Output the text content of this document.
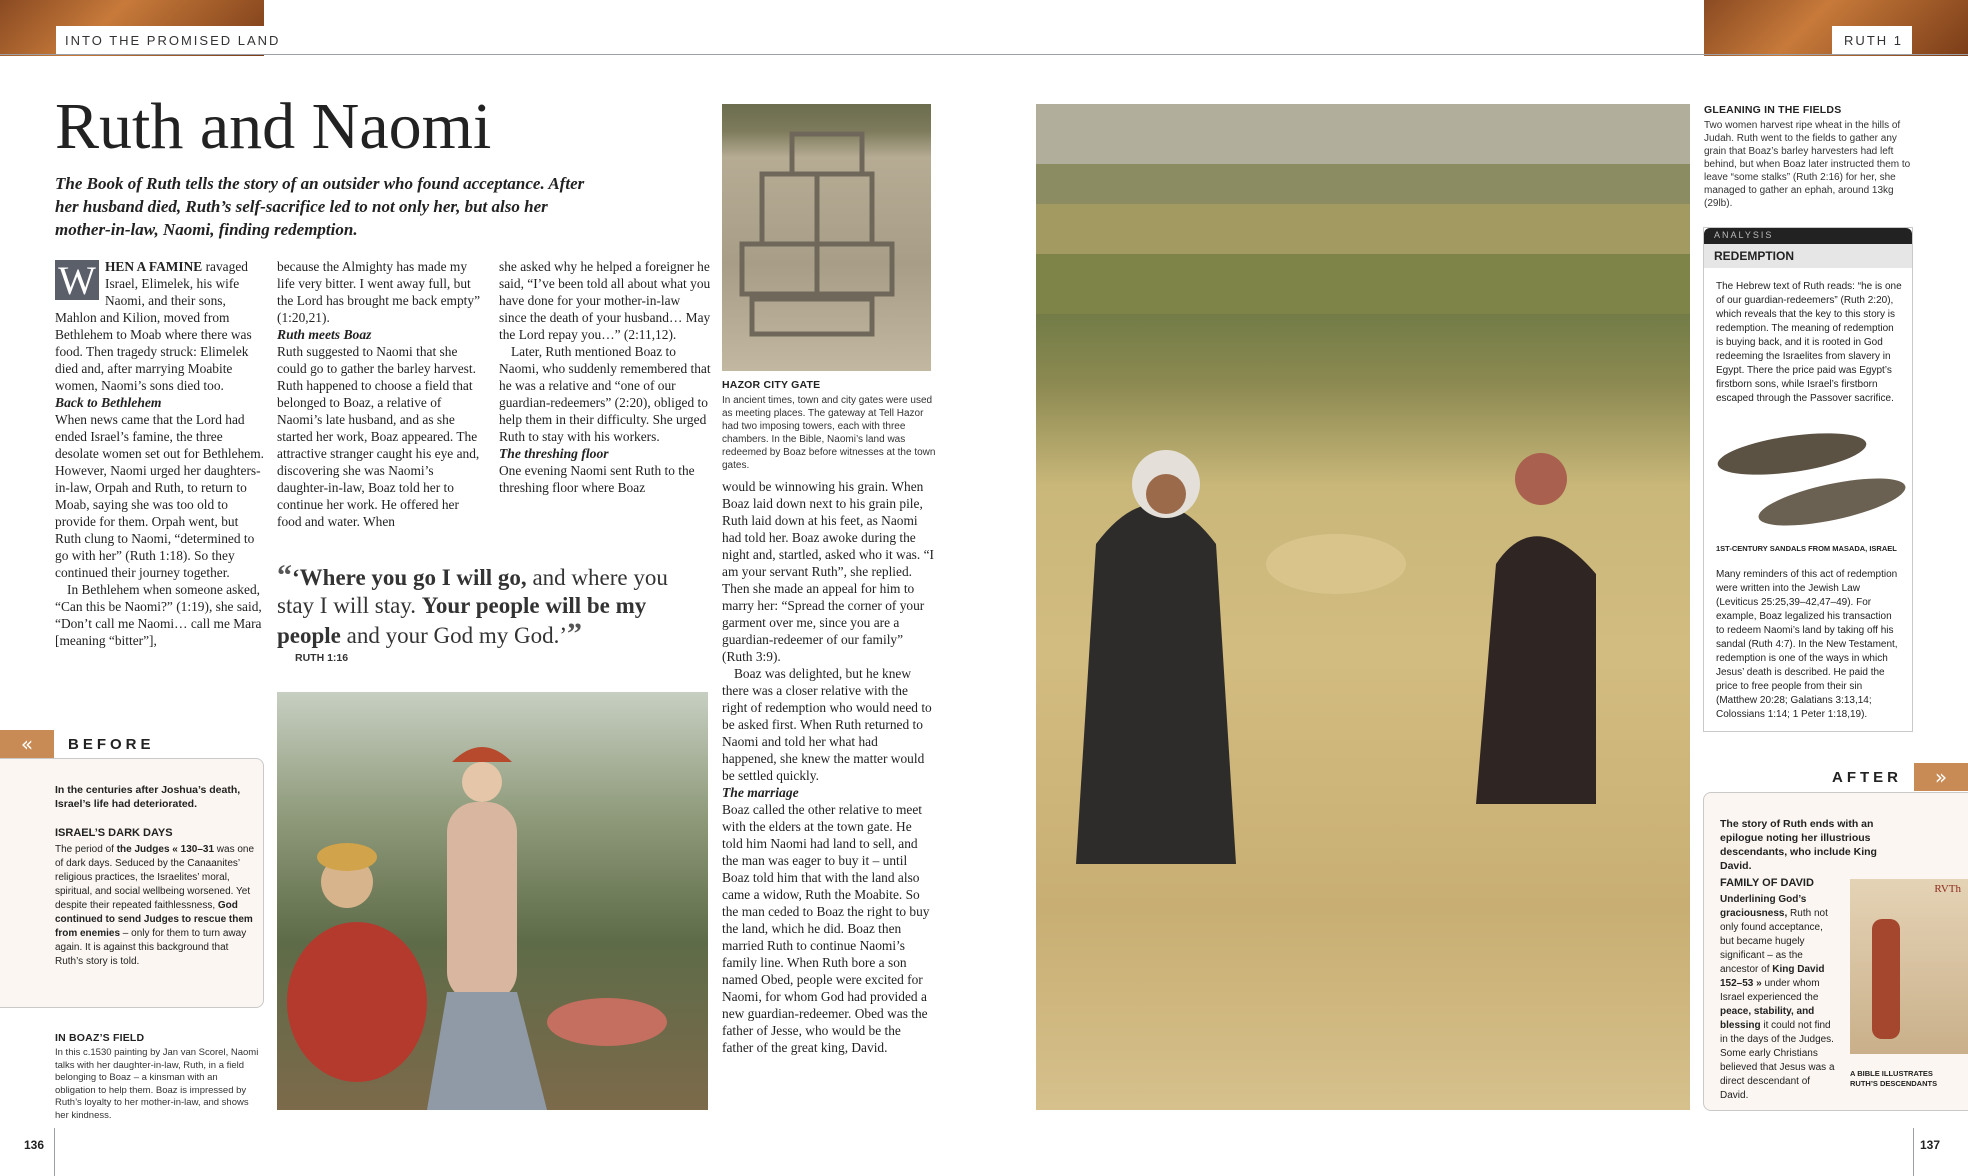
INTO THE PROMISED LAND	RUTH 1
Ruth and Naomi
The Book of Ruth tells the story of an outsider who found acceptance. After her husband died, Ruth’s self-sacrifice led to not only her, but also her mother-in-law, Naomi, finding redemption.
W HEN A FAMINE ravaged Israel, Elimelek, his wife Naomi, and their sons, Mahlon and Kilion, moved from Bethlehem to Moab where there was food. Then tragedy struck: Elimelek died and, after marrying Moabite women, Naomi’s sons died too.

Back to Bethlehem

When news came that the Lord had ended Israel’s famine, the three desolate women set out for Bethlehem. However, Naomi urged her daughters-in-law, Orpah and Ruth, to return to Moab, saying she was too old to provide for them. Orpah went, but Ruth clung to Naomi, “determined to go with her” (Ruth 1:18). So they continued their journey together.

In Bethlehem when someone asked, “Can this be Naomi?” (1:19), she said, “Don’t call me Naomi… call me Mara [meaning “bitter”],

because the Almighty has made my life very bitter. I went away full, but the Lord has brought me back empty” (1:20,21).

Ruth meets Boaz

Ruth suggested to Naomi that she could go to gather the barley harvest. Ruth happened to choose a field that belonged to Boaz, a relative of Naomi’s late husband, and as she started her work, Boaz appeared. The attractive stranger caught his eye and, discovering she was Naomi’s daughter-in-law, Boaz told her to continue her work. He offered her food and water. When

she asked why he helped a foreigner he said, “I’ve been told all about what you have done for your mother-in-law since the death of your husband… May the Lord repay you…” (2:11,12).

Later, Ruth mentioned Boaz to Naomi, who suddenly remembered that he was a relative and “one of our guardian-redeemers” (2:20), obliged to help them in their difficulty. She urged Ruth to stay with his workers.

The threshing floor

One evening Naomi sent Ruth to the threshing floor where Boaz

“‘Where you go I will go, and where you stay I will stay. Your people will be my people and your God my God.’”
RUTH 1:16
HAZOR CITY GATE
In ancient times, town and city gates were used as meeting places. The gateway at Tell Hazor had two imposing towers, each with three chambers. In the Bible, Naomi’s land was redeemed by Boaz before witnesses at the town gates.

would be winnowing his grain. When Boaz laid down next to his grain pile, Ruth laid down at his feet, as Naomi had told her. Boaz awoke during the night and, startled, asked who it was. “I am your servant Ruth”, she replied. Then she made an appeal for him to marry her: “Spread the corner of your garment over me, since you are a guardian-redeemer of our family” (Ruth 3:9).

Boaz was delighted, but he knew there was a closer relative with the right of redemption who would need to be asked first. When Ruth returned to Naomi and told her what had happened, she knew the matter would be settled quickly.

The marriage

Boaz called the other relative to meet with the elders at the town gate. He told him Naomi had land to sell, and the man was eager to buy it – until Boaz told him that with the land also came a widow, Ruth the Moabite. So the man ceded to Boaz the right to buy the land, which he did. Boaz then married Ruth to continue Naomi’s family line. When Ruth bore a son named Obed, people were excited for Naomi, for whom God had provided a new guardian-redeemer. Obed was the father of Jesse, who would be the father of the great king, David.

IN BOAZ’S FIELD
In this c.1530 painting by Jan van Scorel, Naomi talks with her daughter-in-law, Ruth, in a field belonging to Boaz – a kinsman with an obligation to help them. Boaz is impressed by Ruth’s loyalty to her mother-in-law, and shows her kindness.
«	BEFORE
In the centuries after Joshua’s death, Israel’s life had deteriorated.
ISRAEL’S DARK DAYS
The period of the Judges « 130–31 was one of dark days. Seduced by the Canaanites’ religious practices, the Israelites’ moral, spiritual, and social wellbeing worsened. Yet despite their repeated faithlessness, God continued to send Judges to rescue them from enemies – only for them to turn away again. It is against this background that Ruth’s story is told.
GLEANING IN THE FIELDS
Two women harvest ripe wheat in the hills of Judah. Ruth went to the fields to gather any grain that Boaz’s barley harvesters had left behind, but when Boaz later instructed them to leave “some stalks” (Ruth 2:16) for her, she managed to gather an ephah, around 13kg (29lb).
ANALYSIS
REDEMPTION
The Hebrew text of Ruth reads: “he is one of our guardian-redeemers” (Ruth 2:20), which reveals that the key to this story is redemption. The meaning of redemption is buying back, and it is rooted in God redeeming the Israelites from slavery in Egypt. There the price paid was Egypt’s firstborn sons, while Israel’s firstborn escaped through the Passover sacrifice.
1ST-CENTURY SANDALS FROM MASADA, ISRAEL
Many reminders of this act of redemption were written into the Jewish Law (Leviticus 25:25,39–42,47–49). For example, Boaz legalized his transaction to redeem Naomi’s land by taking off his sandal (Ruth 4:7). In the New Testament, redemption is one of the ways in which Jesus’ death is described. He paid the price to free people from their sin (Matthew 20:28; Galatians 3:13,14; Colossians 1:14; 1 Peter 1:18,19).
AFTER	»
The story of Ruth ends with an epilogue noting her illustrious descendants, who include King David.
FAMILY OF DAVID
Underlining God’s graciousness, Ruth not only found acceptance, but became hugely significant – as the ancestor of King David 152–53 » under whom Israel experienced the peace, stability, and blessing it could not find in the days of the Judges. Some early Christians believed that Jesus was a direct descendant of David.
RVTh
A BIBLE ILLUSTRATES RUTH’S DESCENDANTS
136	137
